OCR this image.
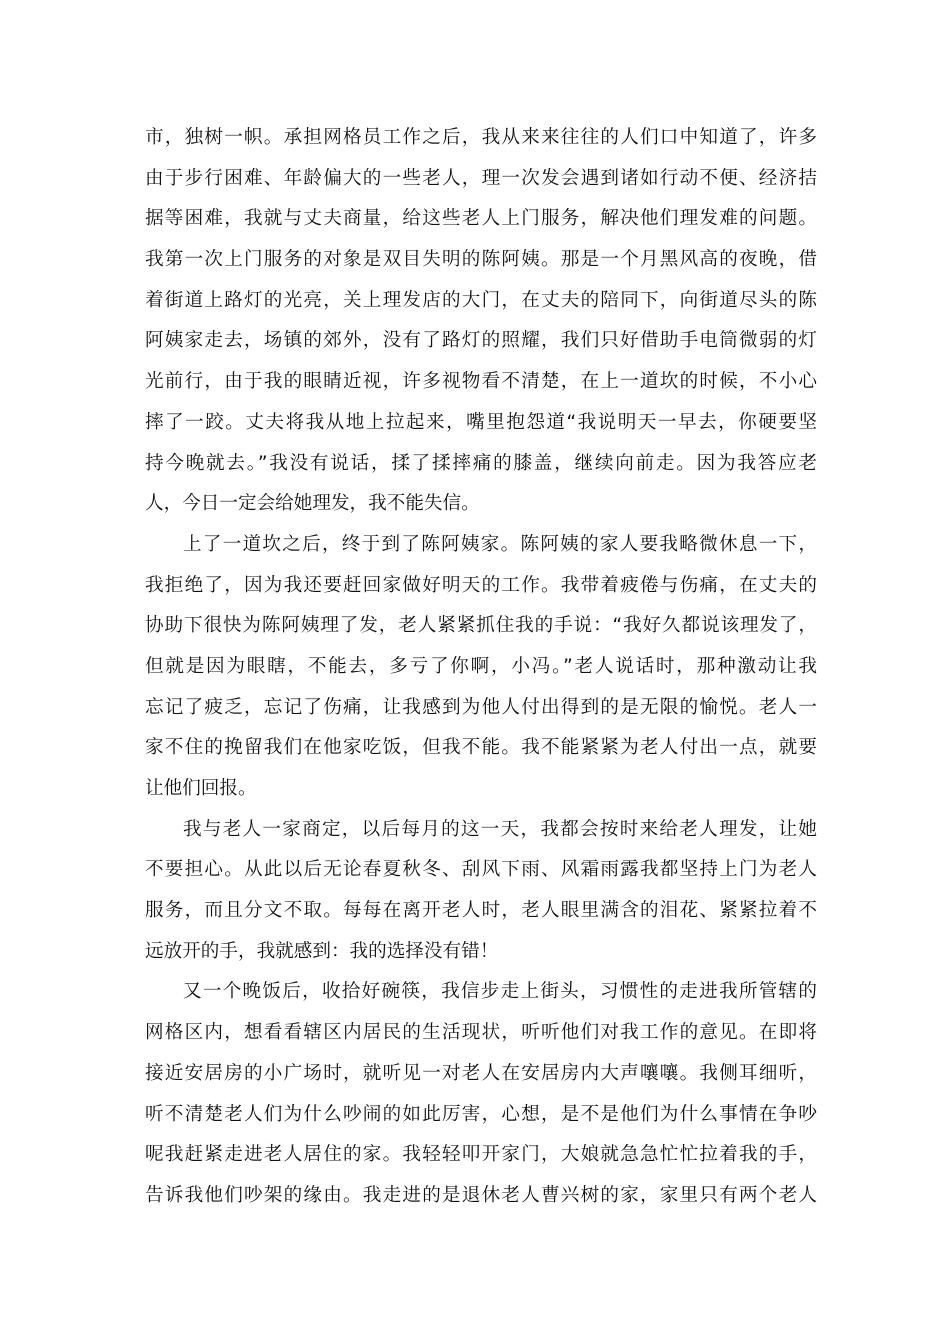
市，独树一帜。承担网格员工作之后，我从来来往往的人们口中知道了，许多
由于步行困难、年龄偏大的一些老人，理一次发会遇到诸如行动不便、经济拮
据等困难，我就与丈夫商量，给这些老人上门服务，解决他们理发难的问题。
我第一次上门服务的对象是双目失明的陈阿姨。那是一个月黑风高的夜晚，借
着街道上路灯的光亮，关上理发店的大门，在丈夫的陪同下，向街道尽头的陈
阿姨家走去，场镇的郊外，没有了路灯的照耀，我们只好借助手电筒微弱的灯
光前行，由于我的眼睛近视，许多视物看不清楚，在上一道坎的时候，不小心
摔了一跤。丈夫将我从地上拉起来，嘴里抱怨道“我说明天一早去，你硬要坚
持今晚就去。”我没有说话，揉了揉摔痛的膝盖，继续向前走。因为我答应老
人，今日一定会给她理发，我不能失信。
上了一道坎之后，终于到了陈阿姨家。陈阿姨的家人要我略微休息一下，
我拒绝了，因为我还要赶回家做好明天的工作。我带着疲倦与伤痛，在丈夫的
协助下很快为陈阿姨理了发，老人紧紧抓住我的手说：“我好久都说该理发了，
但就是因为眼瞎，不能去，多亏了你啊，小冯。”老人说话时，那种激动让我
忘记了疲乏，忘记了伤痛，让我感到为他人付出得到的是无限的愉悦。老人一
家不住的挽留我们在他家吃饭，但我不能。我不能紧紧为老人付出一点，就要
让他们回报。
我与老人一家商定，以后每月的这一天，我都会按时来给老人理发，让她
不要担心。从此以后无论春夏秋冬、刮风下雨、风霜雨露我都坚持上门为老人
服务，而且分文不取。每每在离开老人时，老人眼里满含的泪花、紧紧拉着不
远放开的手，我就感到：我的选择没有错！
又一个晚饭后，收拾好碗筷，我信步走上街头，习惯性的走进我所管辖的
网格区内，想看看辖区内居民的生活现状，听听他们对我工作的意见。在即将
接近安居房的小广场时，就听见一对老人在安居房内大声嚷嚷。我侧耳细听，
听不清楚老人们为什么吵闹的如此厉害，心想，是不是他们为什么事情在争吵
呢我赶紧走进老人居住的家。我轻轻叩开家门，大娘就急急忙忙拉着我的手，
告诉我他们吵架的缘由。我走进的是退休老人曹兴树的家，家里只有两个老人
